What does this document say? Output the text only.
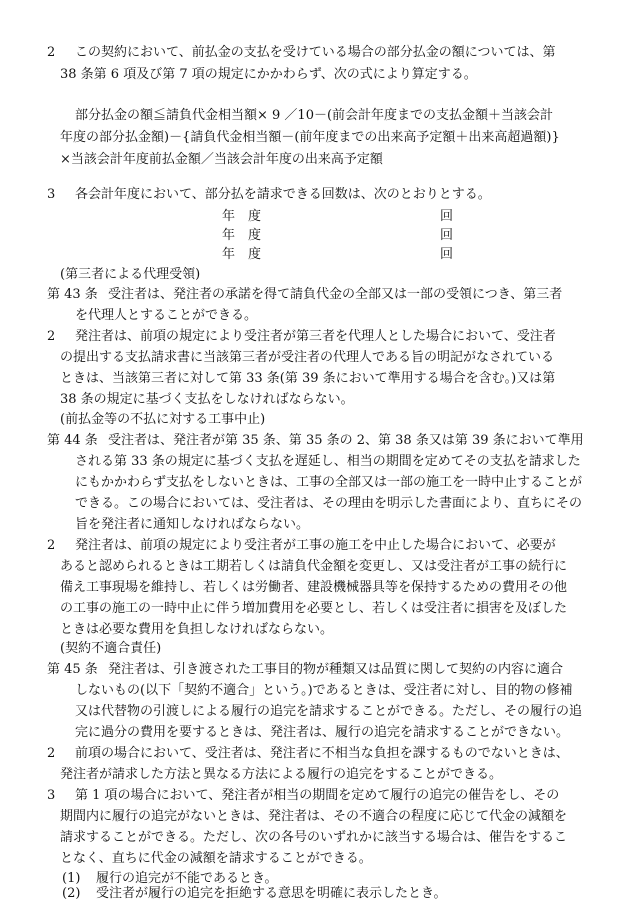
2 この契約において、前払金の支払を受けている場合の部分払金の額については、第
38 条第 6 項及び第 7 項の規定にかかわらず、次の式により算定する。
部分払金の額≦請負代金相当額× 9 ／10－(前会計年度までの支払金額＋当該会計
年度の部分払金額)－{請負代金相当額－(前年度までの出来高予定額＋出来高超過額)}
×当該会計年度前払金額／当該会計年度の出来高予定額
3 各会計年度において、部分払を請求できる回数は、次のとおりとする。
年　度	回
年　度	回
年　度	回
(第三者による代理受領)
第 43 条 受注者は、発注者の承諾を得て請負代金の全部又は一部の受領につき、第三者
を代理人とすることができる。
2 発注者は、前項の規定により受注者が第三者を代理人とした場合において、受注者
の提出する支払請求書に当該第三者が受注者の代理人である旨の明記がなされている
ときは、当該第三者に対して第 33 条(第 39 条において準用する場合を含む。)又は第
38 条の規定に基づく支払をしなければならない。
(前払金等の不払に対する工事中止)
第 44 条 受注者は、発注者が第 35 条、第 35 条の 2、第 38 条又は第 39 条において準用
される第 33 条の規定に基づく支払を遅延し、相当の期間を定めてその支払を請求した
にもかかわらず支払をしないときは、工事の全部又は一部の施工を一時中止することが
できる。この場合においては、受注者は、その理由を明示した書面により、直ちにその
旨を発注者に通知しなければならない。
2 発注者は、前項の規定により受注者が工事の施工を中止した場合において、必要が
あると認められるときは工期若しくは請負代金額を変更し、又は受注者が工事の続行に
備え工事現場を維持し、若しくは労働者、建設機械器具等を保持するための費用その他
の工事の施工の一時中止に伴う増加費用を必要とし、若しくは受注者に損害を及ぼした
ときは必要な費用を負担しなければならない。
(契約不適合責任)
第 45 条 発注者は、引き渡された工事目的物が種類又は品質に関して契約の内容に適合
しないもの(以下「契約不適合」という。)であるときは、受注者に対し、目的物の修補
又は代替物の引渡しによる履行の追完を請求することができる。ただし、その履行の追
完に過分の費用を要するときは、発注者は、履行の追完を請求することができない。
2 前項の場合において、受注者は、発注者に不相当な負担を課するものでないときは、
発注者が請求した方法と異なる方法による履行の追完をすることができる。
3 第 1 項の場合において、発注者が相当の期間を定めて履行の追完の催告をし、その
期間内に履行の追完がないときは、発注者は、その不適合の程度に応じて代金の減額を
請求することができる。ただし、次の各号のいずれかに該当する場合は、催告をするこ
となく、直ちに代金の減額を請求することができる。
(1) 履行の追完が不能であるとき。
(2) 受注者が履行の追完を拒絶する意思を明確に表示したとき。
